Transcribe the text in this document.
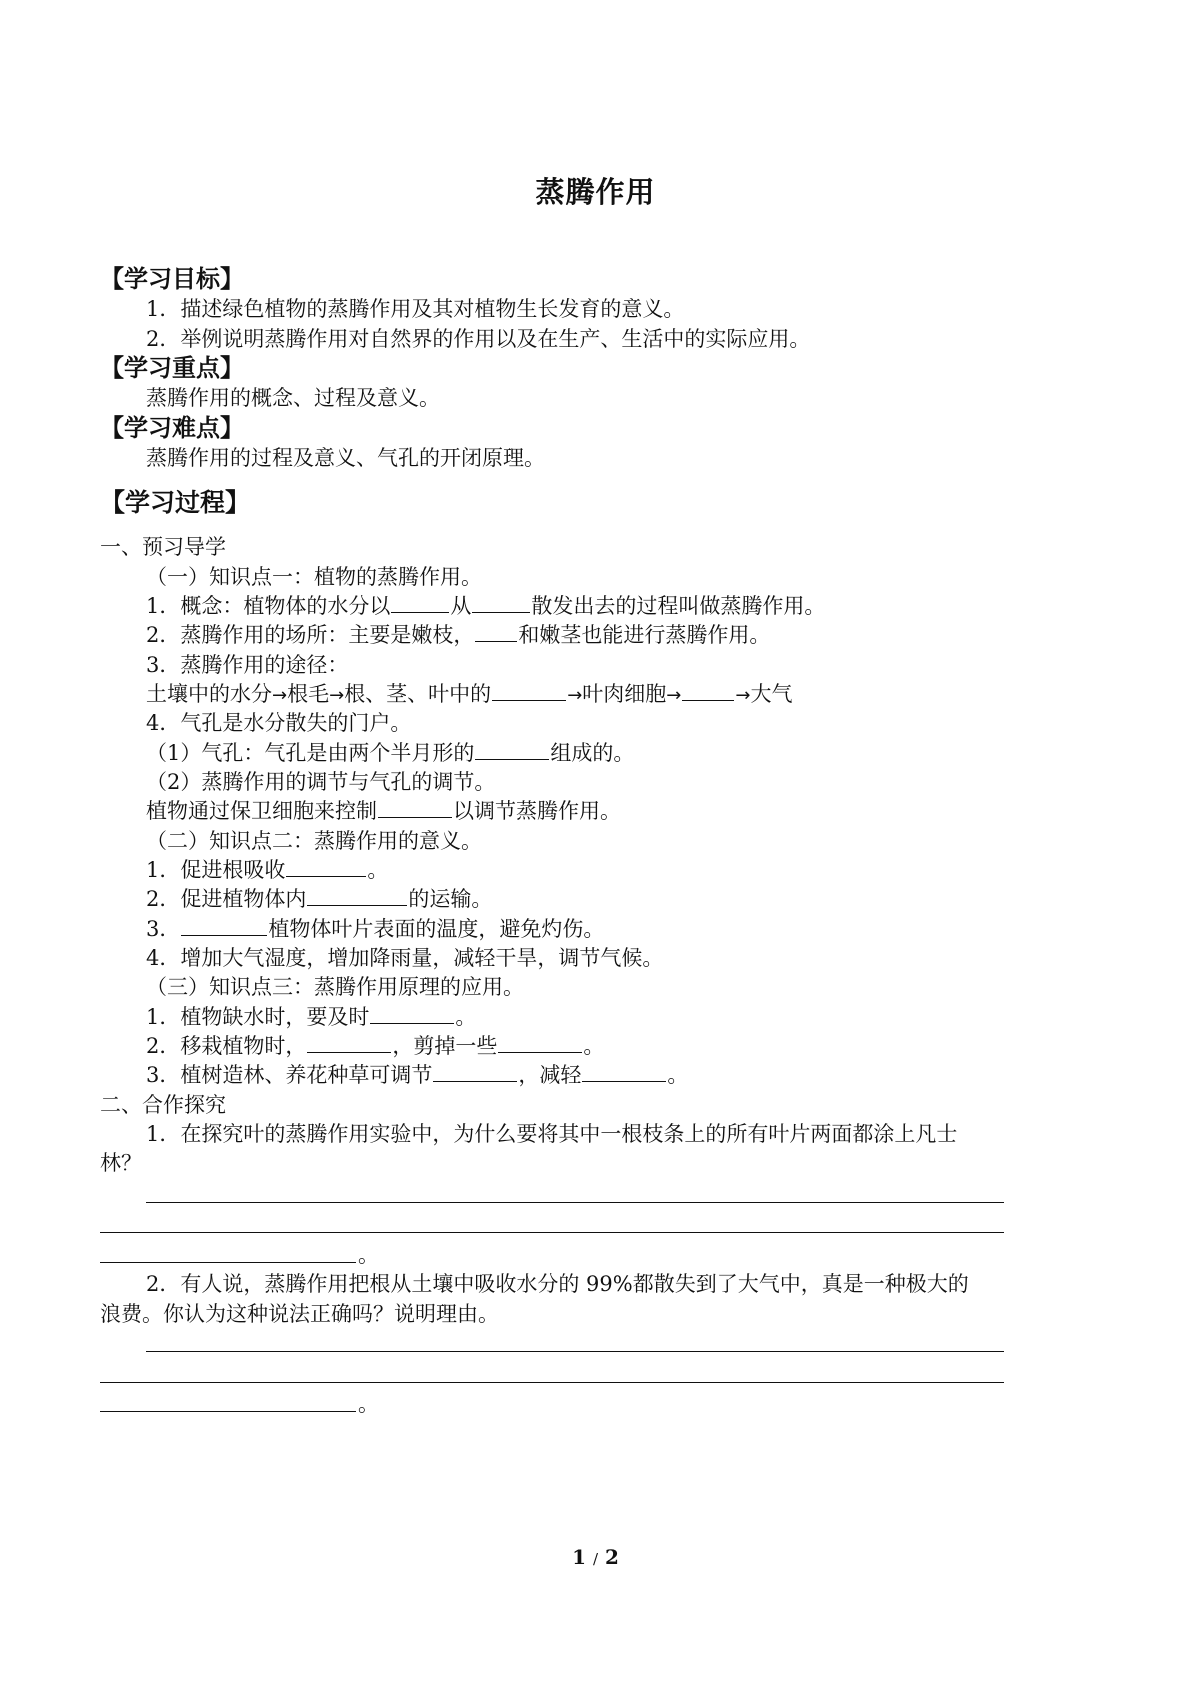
蒸腾作用
【学习目标】
1．描述绿色植物的蒸腾作用及其对植物生长发育的意义。
2．举例说明蒸腾作用对自然界的作用以及在生产、生活中的实际应用。
【学习重点】
蒸腾作用的概念、过程及意义。
【学习难点】
蒸腾作用的过程及意义、气孔的开闭原理。
【学习过程】
一、预习导学
（一）知识点一：植物的蒸腾作用。
1．概念：植物体的水分以	从	散发出去的过程叫做蒸腾作用。
2．蒸腾作用的场所：主要是嫩枝， 和嫩茎也能进行蒸腾作用。
3．蒸腾作用的途径：
土壤中的水分→根毛→根、茎、叶中的	→叶肉细胞→	→大气
4．气孔是水分散失的门户。
（1）气孔：气孔是由两个半月形的	组成的。
（2）蒸腾作用的调节与气孔的调节。
植物通过保卫细胞来控制	以调节蒸腾作用。
（二）知识点二：蒸腾作用的意义。
1．促进根吸收	。
2．促进植物体内	的运输。
3．	植物体叶片表面的温度，避免灼伤。
4．增加大气湿度，增加降雨量，减轻干旱，调节气候。
（三）知识点三：蒸腾作用原理的应用。
1．植物缺水时，要及时	。
2．移栽植物时，	，剪掉一些	。
3．植树造林、养花种草可调节	，减轻	。
二、合作探究
1．在探究叶的蒸腾作用实验中，为什么要将其中一根枝条上的所有叶片两面都涂上凡士
林？
。
2．有人说，蒸腾作用把根从土壤中吸收水分的 99%都散失到了大气中，真是一种极大的
浪费。你认为这种说法正确吗？说明理由。
。
1 / 2
